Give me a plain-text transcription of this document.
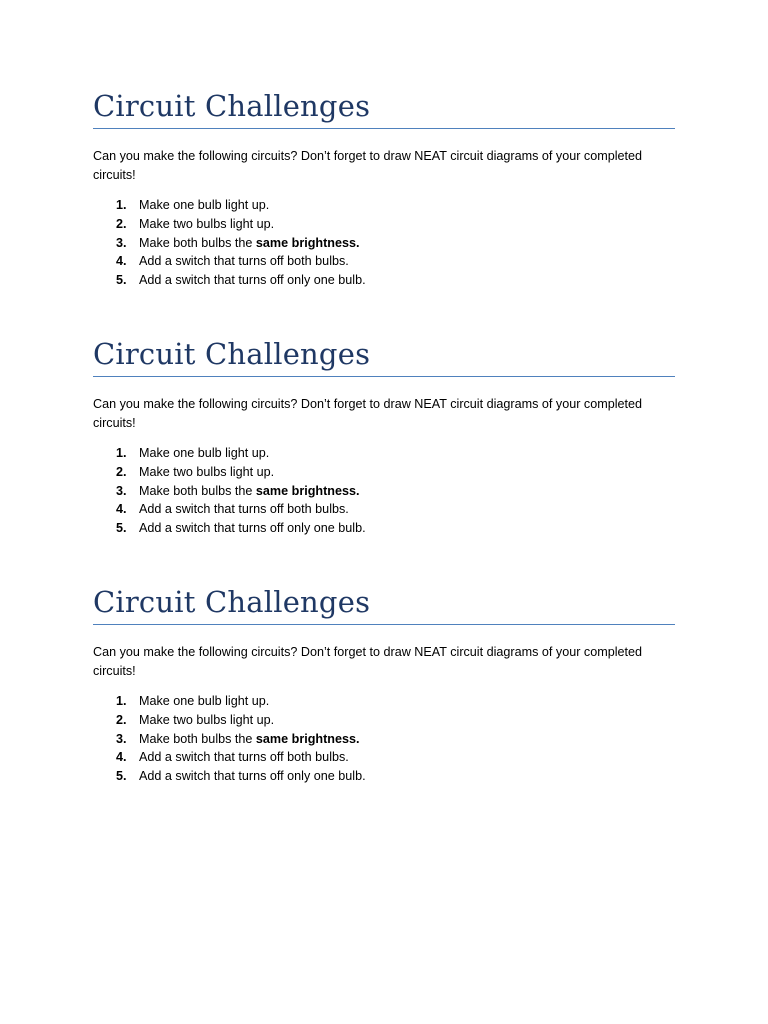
Circuit Challenges

Can you make the following circuits? Don’t forget to draw NEAT circuit diagrams of your completed circuits!

1. Make one bulb light up.
2. Make two bulbs light up.
3. Make both bulbs the same brightness.
4. Add a switch that turns off both bulbs.
5. Add a switch that turns off only one bulb.
Circuit Challenges

Can you make the following circuits? Don’t forget to draw NEAT circuit diagrams of your completed circuits!

1. Make one bulb light up.
2. Make two bulbs light up.
3. Make both bulbs the same brightness.
4. Add a switch that turns off both bulbs.
5. Add a switch that turns off only one bulb.
Circuit Challenges

Can you make the following circuits? Don’t forget to draw NEAT circuit diagrams of your completed circuits!

1. Make one bulb light up.
2. Make two bulbs light up.
3. Make both bulbs the same brightness.
4. Add a switch that turns off both bulbs.
5. Add a switch that turns off only one bulb.
